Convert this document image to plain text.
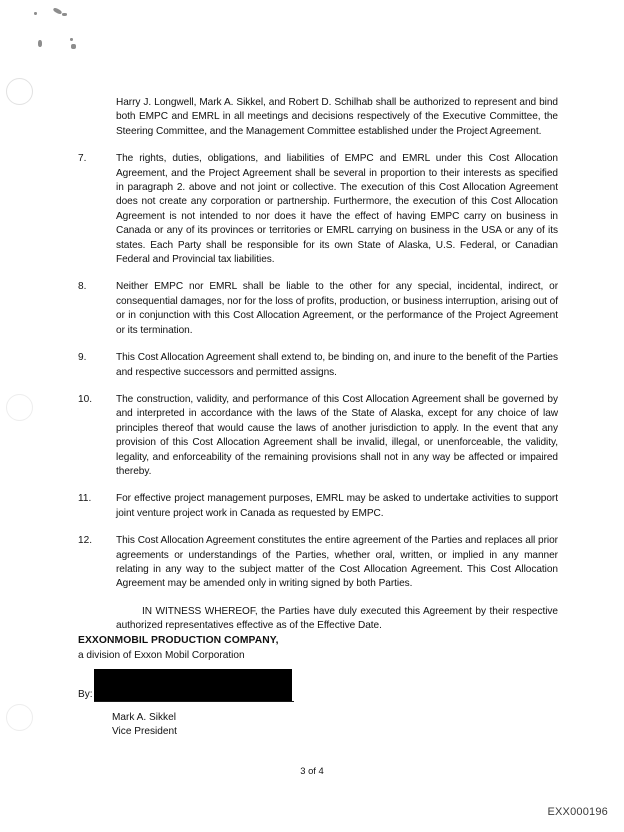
Harry J. Longwell, Mark A. Sikkel, and Robert D. Schilhab shall be authorized to represent and bind both EMPC and EMRL in all meetings and decisions respectively of the Executive Committee, the Steering Committee, and the Management Committee established under the Project Agreement.
7.	The rights, duties, obligations, and liabilities of EMPC and EMRL under this Cost Allocation Agreement, and the Project Agreement shall be several in proportion to their interests as specified in paragraph 2. above and not joint or collective. The execution of this Cost Allocation Agreement does not create any corporation or partnership. Furthermore, the execution of this Cost Allocation Agreement is not intended to nor does it have the effect of having EMPC carry on business in Canada or any of its provinces or territories or EMRL carrying on business in the USA or any of its states. Each Party shall be responsible for its own State of Alaska, U.S. Federal, or Canadian Federal and Provincial tax liabilities.
8.	Neither EMPC nor EMRL shall be liable to the other for any special, incidental, indirect, or consequential damages, nor for the loss of profits, production, or business interruption, arising out of or in conjunction with this Cost Allocation Agreement, or the performance of the Project Agreement or its termination.
9.	This Cost Allocation Agreement shall extend to, be binding on, and inure to the benefit of the Parties and respective successors and permitted assigns.
10.	The construction, validity, and performance of this Cost Allocation Agreement shall be governed by and interpreted in accordance with the laws of the State of Alaska, except for any choice of law principles thereof that would cause the laws of another jurisdiction to apply. In the event that any provision of this Cost Allocation Agreement shall be invalid, illegal, or unenforceable, the validity, legality, and enforceability of the remaining provisions shall not in any way be affected or impaired thereby.
11.	For effective project management purposes, EMRL may be asked to undertake activities to support joint venture project work in Canada as requested by EMPC.
12.	This Cost Allocation Agreement constitutes the entire agreement of the Parties and replaces all prior agreements or understandings of the Parties, whether oral, written, or implied in any manner relating in any way to the subject matter of the Cost Allocation Agreement. This Cost Allocation Agreement may be amended only in writing signed by both Parties.
IN WITNESS WHEREOF, the Parties have duly executed this Agreement by their respective authorized representatives effective as of the Effective Date.
EXXONMOBIL PRODUCTION COMPANY,
a division of Exxon Mobil Corporation
By:
Mark A. Sikkel
Vice President
3 of 4
EXX000196
